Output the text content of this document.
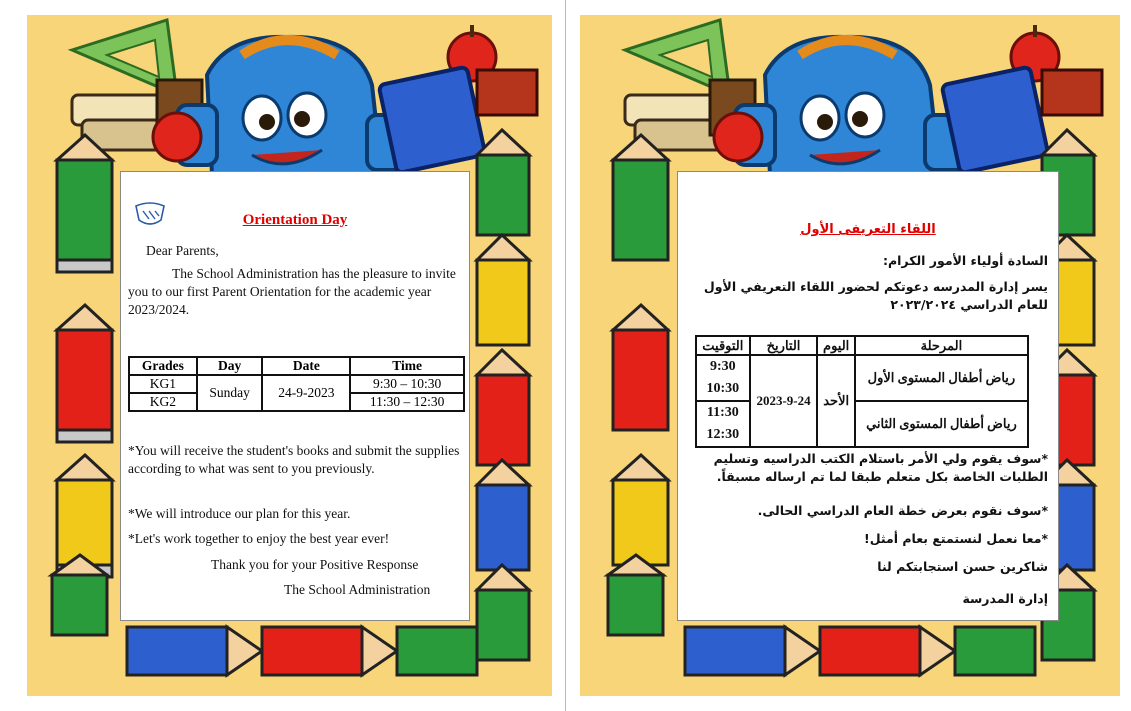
Orientation Day
Dear Parents,
The School Administration has the pleasure to invite you to our first Parent Orientation for the academic year 2023/2024.
Grades	Day	Date	Time
KG1	Sunday	24-9-2023	9:30 – 10:30
KG2			11:30 – 12:30
*You will receive the student's books and submit the supplies according to what was sent to you previously.
*We will introduce our plan for this year.
*Let's work together to enjoy the best year ever!
Thank you for your Positive Response
The School Administration
اللقاء التعريفى الأول
السادة أولياء الأمور الكرام:
يسر إدارة المدرسه دعوتكم لحضور اللقاء التعريفي الأول للعام الدراسي ٢٠٢٣/٢٠٢٤
المرحلة	اليوم	التاريخ	التوقيت
رياض أطفال المستوى الأول	الأحد	2023-9-24	9:30
10:30

رياض أطفال المستوى الثاني			11:30
12:30
*سوف يقوم ولي الأمر باستلام الكتب الدراسيه وتسليم الطلبات الخاصة بكل متعلم طبقا لما تم ارساله مسبقاً.
*سوف نقوم بعرض خطة العام الدراسي الحالى.
*معا نعمل لنستمتع بعام أمثل!
شاكرين حسن استجابتكم لنا
إدارة المدرسة
